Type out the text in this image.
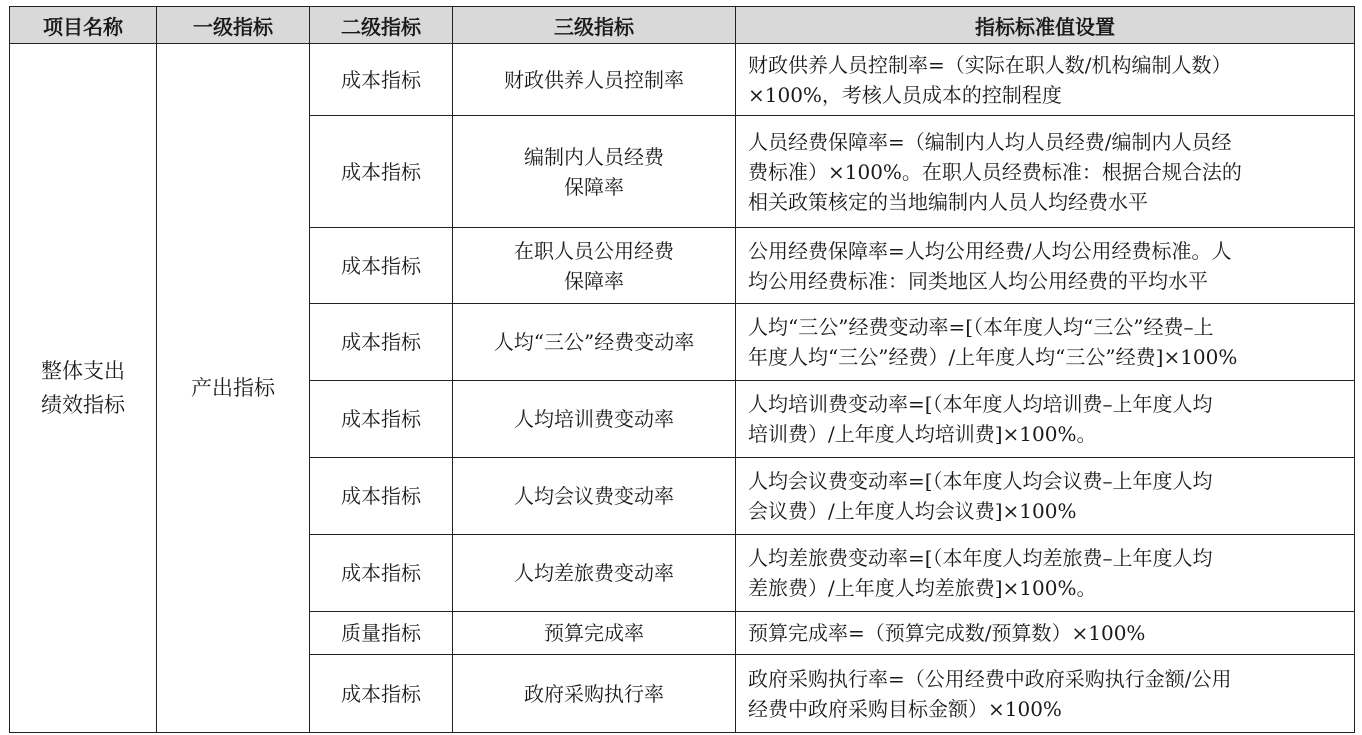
项目名称	一级指标	二级指标	三级指标	指标标准值设置

整体支出
绩效指标	产出指标	成本指标	财政供养人员控制率	财政供养人员控制率=（实际在职人数/机构编制人数）
×100%，考核人员成本的控制程度

		成本指标	编制内人员经费
保障率	人员经费保障率=（编制内人均人员经费/编制内人员经
费标准）×100%。在职人员经费标准：根据合规合法的
相关政策核定的当地编制内人员人均经费水平

		成本指标	在职人员公用经费
保障率	公用经费保障率=人均公用经费/人均公用经费标准。人
均公用经费标准：同类地区人均公用经费的平均水平

		成本指标	人均“三公”经费变动率	人均“三公”经费变动率=[（本年度人均“三公”经费–上
年度人均“三公”经费）/上年度人均“三公”经费]×100%

		成本指标	人均培训费变动率	人均培训费变动率=[（本年度人均培训费–上年度人均
培训费）/上年度人均培训费]×100%。

		成本指标	人均会议费变动率	人均会议费变动率=[（本年度人均会议费–上年度人均
会议费）/上年度人均会议费]×100%

		成本指标	人均差旅费变动率	人均差旅费变动率=[（本年度人均差旅费–上年度人均
差旅费）/上年度人均差旅费]×100%。

		质量指标	预算完成率	预算完成率=（预算完成数/预算数）×100%

		成本指标	政府采购执行率	政府采购执行率=（公用经费中政府采购执行金额/公用
经费中政府采购目标金额）×100%
